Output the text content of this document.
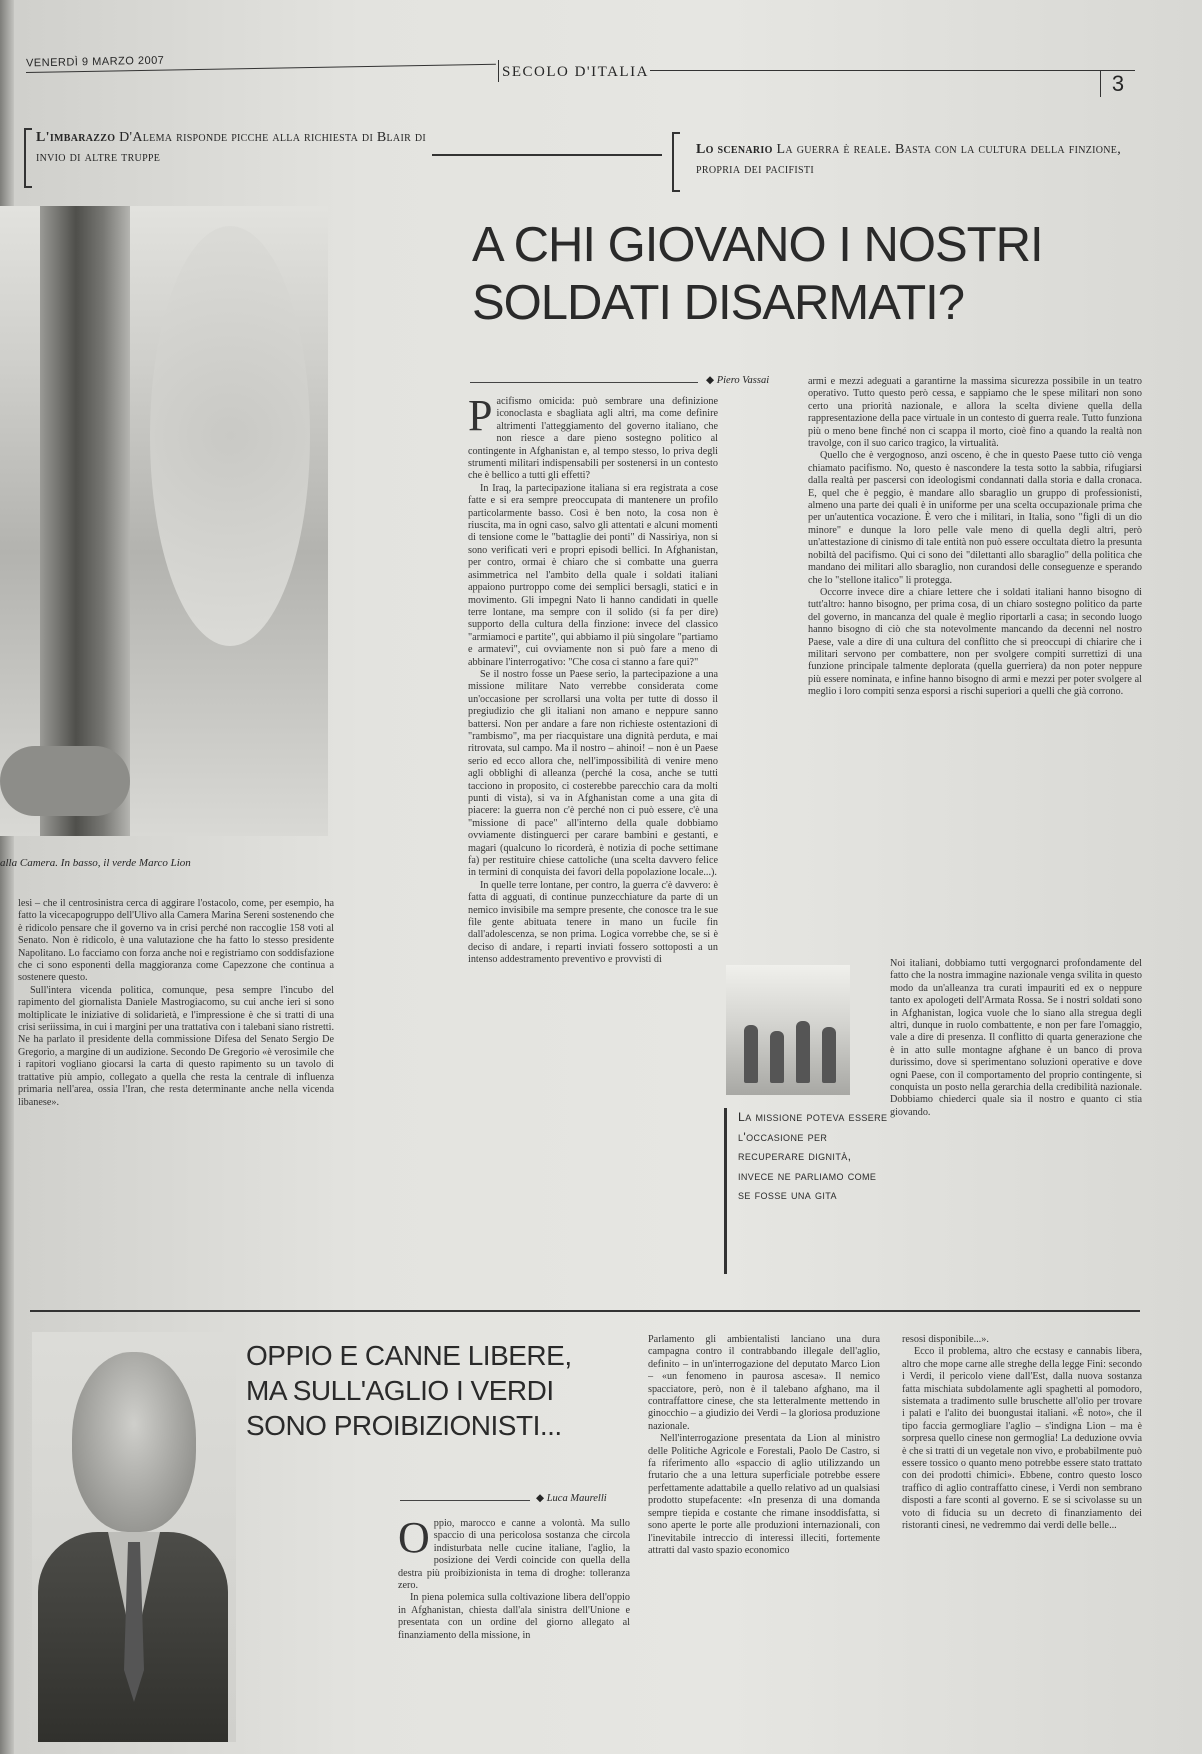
VENERDÌ 9 MARZO 2007
SECOLO D'ITALIA	3
L'imbarazzo D'Alema risponde picche alla richiesta di Blair di invio di altre truppe
Lo scenario La guerra è reale. Basta con la cultura della finzione, propria dei pacifisti
alla Camera. In basso, il verde Marco Lion

lesi – che il centrosinistra cerca di aggirare l'ostacolo, come, per esempio, ha fatto la vicecapogruppo dell'Ulivo alla Camera Marina Sereni sostenendo che è ridicolo pensare che il governo va in crisi perché non raccoglie 158 voti al Senato. Non è ridicolo, è una valutazione che ha fatto lo stesso presidente Napolitano. Lo facciamo con forza anche noi e registriamo con soddisfazione che ci sono esponenti della maggioranza come Capezzone che continua a sostenere questo.

Sull'intera vicenda politica, comunque, pesa sempre l'incubo del rapimento del giornalista Daniele Mastrogiacomo, su cui anche ieri si sono moltiplicate le iniziative di solidarietà, e l'impressione è che si tratti di una crisi seriissima, in cui i margini per una trattativa con i talebani siano ristretti. Ne ha parlato il presidente della commissione Difesa del Senato Sergio De Gregorio, a margine di un audizione. Secondo De Gregorio «è verosimile che i rapitori vogliano giocarsi la carta di questo rapimento su un tavolo di trattative più ampio, collegato a quella che resta la centrale di influenza primaria nell'area, ossia l'Iran, che resta determinante anche nella vicenda libanese».

A CHI GIOVANO I NOSTRI
SOLDATI DISARMATI?
◆ Piero Vassai
P acifismo omicida: può sembrare una definizione iconoclasta e sbagliata agli altri, ma come definire altrimenti l'atteggiamento del governo italiano, che non riesce a dare pieno sostegno politico al contingente in Afghanistan e, al tempo stesso, lo priva degli strumenti militari indispensabili per sostenersi in un contesto che è bellico a tutti gli effetti?

In Iraq, la partecipazione italiana si era registrata a cose fatte e si era sempre preoccupata di mantenere un profilo particolarmente basso. Così è ben noto, la cosa non è riuscita, ma in ogni caso, salvo gli attentati e alcuni momenti di tensione come le "battaglie dei ponti" di Nassiriya, non si sono verificati veri e propri episodi bellici. In Afghanistan, per contro, ormai è chiaro che si combatte una guerra asimmetrica nel l'ambito della quale i soldati italiani appaiono purtroppo come dei semplici bersagli, statici e in movimento. Gli impegni Nato li hanno candidati in quelle terre lontane, ma sempre con il solido (si fa per dire) supporto della cultura della finzione: invece del classico "armiamoci e partite", qui abbiamo il più singolare "partiamo e armatevi", cui ovviamente non si può fare a meno di abbinare l'interrogativo: "Che cosa ci stanno a fare qui?"

Se il nostro fosse un Paese serio, la partecipazione a una missione militare Nato verrebbe considerata come un'occasione per scrollarsi una volta per tutte di dosso il pregiudizio che gli italiani non amano e neppure sanno battersi. Non per andare a fare non richieste ostentazioni di "rambismo", ma per riacquistare una dignità perduta, e mai ritrovata, sul campo. Ma il nostro – ahinoi! – non è un Paese serio ed ecco allora che, nell'impossibilità di venire meno agli obblighi di alleanza (perché la cosa, anche se tutti tacciono in proposito, ci costerebbe parecchio cara da molti punti di vista), si va in Afghanistan come a una gita di piacere: la guerra non c'è perché non ci può essere, c'è una "missione di pace" all'interno della quale dobbiamo ovviamente distinguerci per carare bambini e gestanti, e magari (qualcuno lo ricorderà, è notizia di poche settimane fa) per restituire chiese cattoliche (una scelta davvero felice in termini di conquista dei favori della popolazione locale...).

In quelle terre lontane, per contro, la guerra c'è davvero: è fatta di agguati, di continue punzecchiature da parte di un nemico invisibile ma sempre presente, che conosce tra le sue file gente abituata tenere in mano un fucile fin dall'adolescenza, se non prima. Logica vorrebbe che, se si è deciso di andare, i reparti inviati fossero sottoposti a un intenso addestramento preventivo e provvisti di

armi e mezzi adeguati a garantirne la massima sicurezza possibile in un teatro operativo. Tutto questo però cessa, e sappiamo che le spese militari non sono certo una priorità nazionale, e allora la scelta diviene quella della rappresentazione della pace virtuale in un contesto di guerra reale. Tutto funziona più o meno bene finché non ci scappa il morto, cioè fino a quando la realtà non travolge, con il suo carico tragico, la virtualità.

Quello che è vergognoso, anzi osceno, è che in questo Paese tutto ciò venga chiamato pacifismo. No, questo è nascondere la testa sotto la sabbia, rifugiarsi dalla realtà per pascersi con ideologismi condannati dalla storia e dalla cronaca. E, quel che è peggio, è mandare allo sbaraglio un gruppo di professionisti, almeno una parte dei quali è in uniforme per una scelta occupazionale prima che per un'autentica vocazione. È vero che i militari, in Italia, sono "figli di un dio minore" e dunque la loro pelle vale meno di quella degli altri, però un'attestazione di cinismo di tale entità non può essere occultata dietro la presunta nobiltà del pacifismo. Qui ci sono dei "dilettanti allo sbaraglio" della politica che mandano dei militari allo sbaraglio, non curandosi delle conseguenze e sperando che lo "stellone italico" li protegga.

Occorre invece dire a chiare lettere che i soldati italiani hanno bisogno di tutt'altro: hanno bisogno, per prima cosa, di un chiaro sostegno politico da parte del governo, in mancanza del quale è meglio riportarli a casa; in secondo luogo hanno bisogno di ciò che sta notevolmente mancando da decenni nel nostro Paese, vale a dire di una cultura del conflitto che si preoccupi di chiarire che i militari servono per combattere, non per svolgere compiti surrettizi di una funzione principale talmente deplorata (quella guerriera) da non poter neppure più essere nominata, e infine hanno bisogno di armi e mezzi per poter svolgere al meglio i loro compiti senza esporsi a rischi superiori a quelli che già corrono.

Noi italiani, dobbiamo tutti vergognarci profondamente del fatto che la nostra immagine nazionale venga svilita in questo modo da un'alleanza tra curati impauriti ed ex o neppure tanto ex apologeti dell'Armata Rossa. Se i nostri soldati sono in Afghanistan, logica vuole che lo siano alla stregua degli altri, dunque in ruolo combattente, e non per fare l'omaggio, vale a dire di presenza. Il conflitto di quarta generazione che è in atto sulle montagne afghane è un banco di prova durissimo, dove si sperimentano soluzioni operative e dove ogni Paese, con il comportamento del proprio contingente, si conquista un posto nella gerarchia della credibilità nazionale. Dobbiamo chiederci quale sia il nostro e quanto ci stia giovando.

La missione poteva essere l'occasione per recuperare dignità, invece ne parliamo come se fosse una gita
OPPIO E CANNE LIBERE,
MA SULL'AGLIO I VERDI
SONO PROIBIZIONISTI...
◆ Luca Maurelli
O ppio, marocco e canne a volontà. Ma sullo spaccio di una pericolosa sostanza che circola indisturbata nelle cucine italiane, l'aglio, la posizione dei Verdi coincide con quella della destra più proibizionista in tema di droghe: tolleranza zero.

In piena polemica sulla coltivazione libera dell'oppio in Afghanistan, chiesta dall'ala sinistra dell'Unione e presentata con un ordine del giorno allegato al finanziamento della missione, in

Parlamento gli ambientalisti lanciano una dura campagna contro il contrabbando illegale dell'aglio, definito – in un'interrogazione del deputato Marco Lion – «un fenomeno in paurosa ascesa». Il nemico spacciatore, però, non è il talebano afghano, ma il contraffattore cinese, che sta letteralmente mettendo in ginocchio – a giudizio dei Verdi – la gloriosa produzione nazionale.

Nell'interrogazione presentata da Lion al ministro delle Politiche Agricole e Forestali, Paolo De Castro, si fa riferimento allo «spaccio di aglio utilizzando un frutario che a una lettura superficiale potrebbe essere perfettamente adattabile a quello relativo ad un qualsiasi prodotto stupefacente: «In presenza di una domanda sempre tiepida e costante che rimane insoddisfatta, si sono aperte le porte alle produzioni internazionali, con l'inevitabile intreccio di interessi illeciti, fortemente attratti dal vasto spazio economico

resosi disponibile...».

Ecco il problema, altro che ecstasy e cannabis libera, altro che mope carne alle streghe della legge Fini: secondo i Verdi, il pericolo viene dall'Est, dalla nuova sostanza fatta mischiata subdolamente agli spaghetti al pomodoro, sistemata a tradimento sulle bruschette all'olio per trovare i palati e l'alito dei buongustai italiani. «È noto», che il tipo faccia germogliare l'aglio – s'indigna Lion – ma è sorpresa quello cinese non germoglia! La deduzione ovvia è che si tratti di un vegetale non vivo, e probabilmente può essere tossico o quanto meno potrebbe essere stato trattato con dei prodotti chimici». Ebbene, contro questo losco traffico di aglio contraffatto cinese, i Verdi non sembrano disposti a fare sconti al governo. E se si scivolasse su un voto di fiducia su un decreto di finanziamento dei ristoranti cinesi, ne vedremmo dai verdi delle belle...
